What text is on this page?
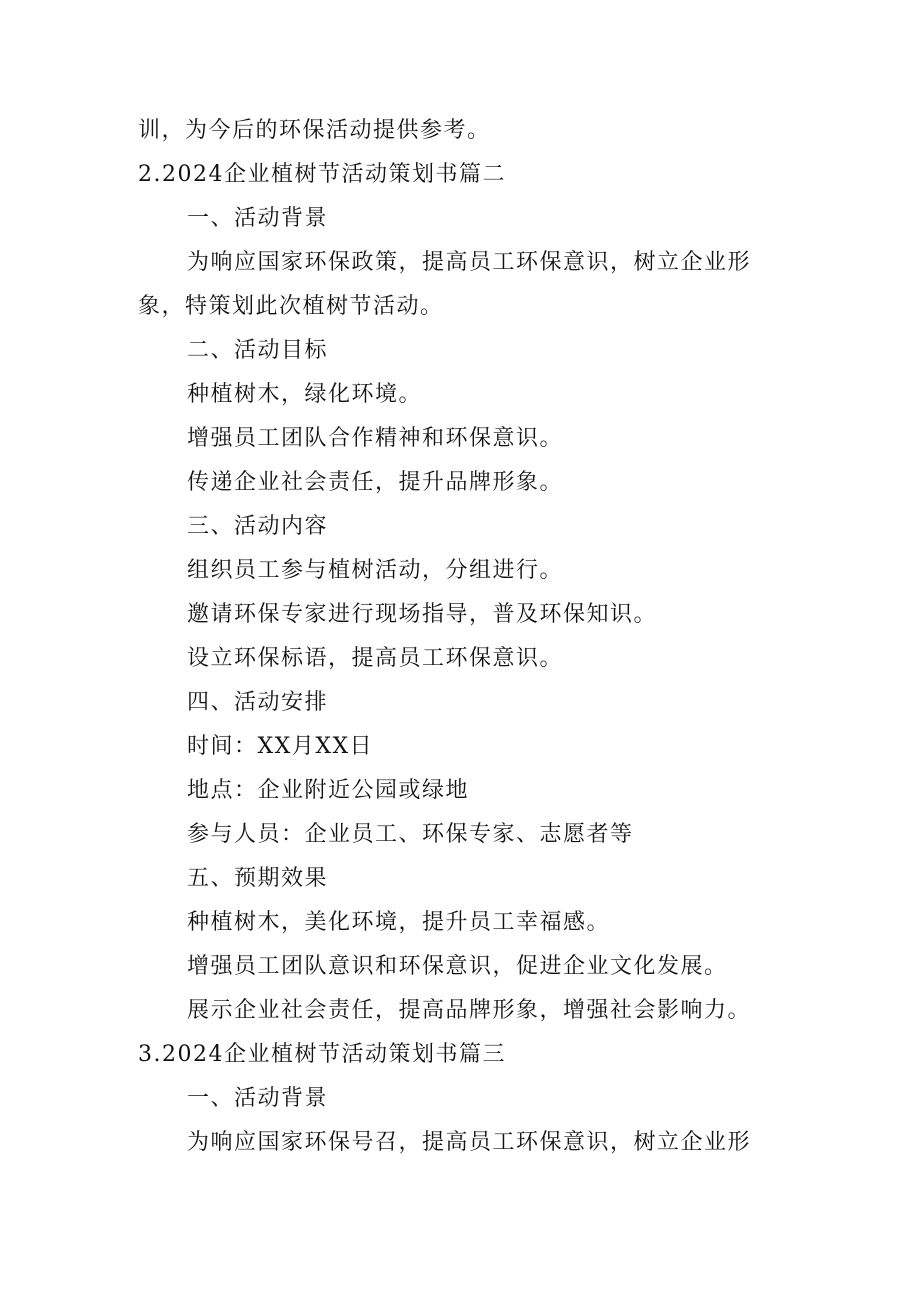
训，为今后的环保活动提供参考。
2.2024企业植树节活动策划书篇二
一、活动背景
为响应国家环保政策，提高员工环保意识，树立企业形
象，特策划此次植树节活动。
二、活动目标
种植树木，绿化环境。
增强员工团队合作精神和环保意识。
传递企业社会责任，提升品牌形象。
三、活动内容
组织员工参与植树活动，分组进行。
邀请环保专家进行现场指导，普及环保知识。
设立环保标语，提高员工环保意识。
四、活动安排
时间：XX月XX日
地点：企业附近公园或绿地
参与人员：企业员工、环保专家、志愿者等
五、预期效果
种植树木，美化环境，提升员工幸福感。
增强员工团队意识和环保意识，促进企业文化发展。
展示企业社会责任，提高品牌形象，增强社会影响力。
3.2024企业植树节活动策划书篇三
一、活动背景
为响应国家环保号召，提高员工环保意识，树立企业形
